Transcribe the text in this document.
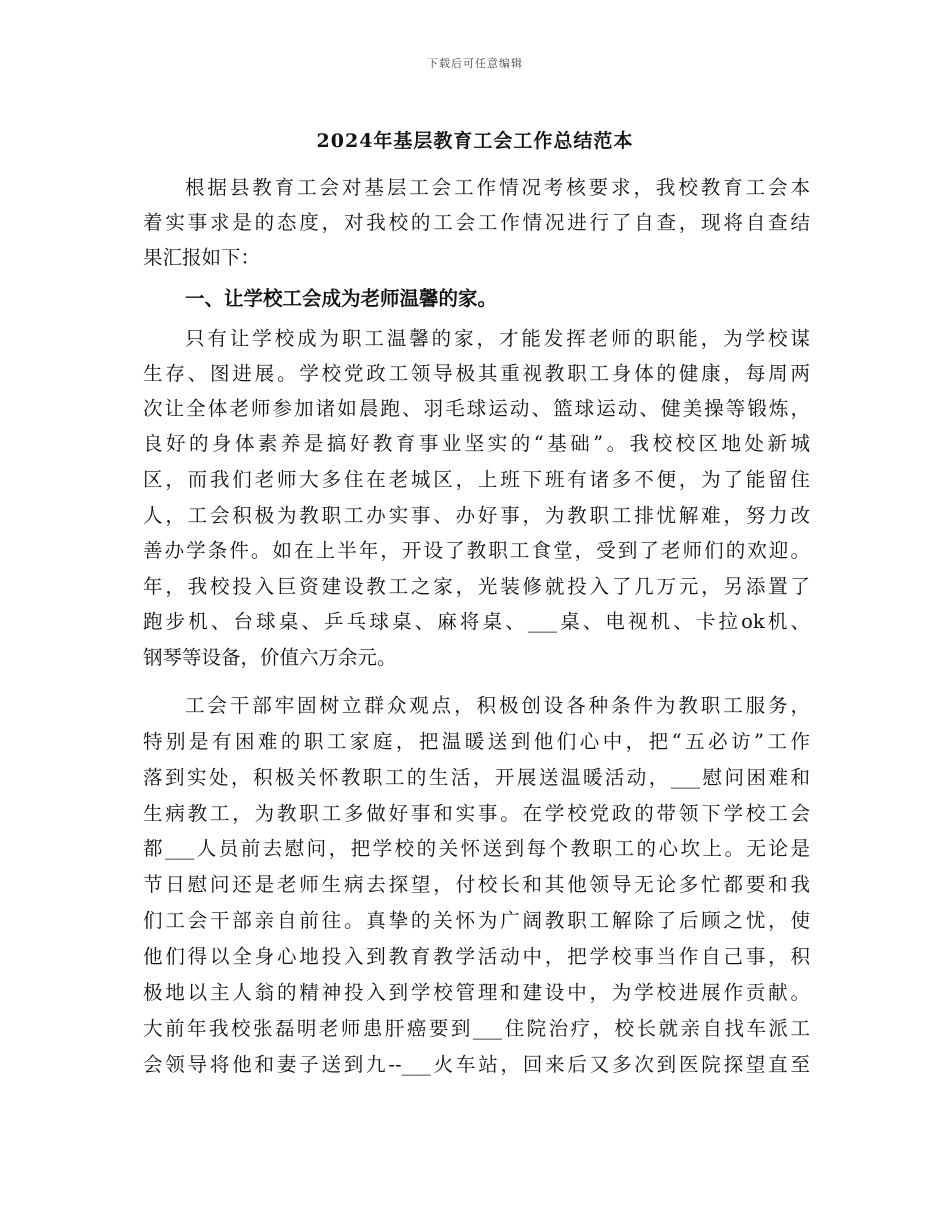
下载后可任意编辑
2024年基层教育工会工作总结范本
根据县教育工会对基层工会工作情况考核要求，我校教育工会本
着实事求是的态度，对我校的工会工作情况进行了自查，现将自查结
果汇报如下：
一、让学校工会成为老师温馨的家。
只有让学校成为职工温馨的家，才能发挥老师的职能，为学校谋
生存、图进展。学校党政工领导极其重视教职工身体的健康，每周两
次让全体老师参加诸如晨跑、羽毛球运动、篮球运动、健美操等锻炼，
良好的身体素养是搞好教育事业坚实的“基础”。我校校区地处新城
区，而我们老师大多住在老城区，上班下班有诸多不便，为了能留住
人，工会积极为教职工办实事、办好事，为教职工排忧解难，努力改
善办学条件。如在上半年，开设了教职工食堂，受到了老师们的欢迎。
年，我校投入巨资建设教工之家，光装修就投入了几万元，另添置了
跑步机、台球桌、乒乓球桌、麻将桌、___桌、电视机、卡拉ok机、
钢琴等设备，价值六万余元。
工会干部牢固树立群众观点，积极创设各种条件为教职工服务，
特别是有困难的职工家庭，把温暖送到他们心中，把“五必访”工作
落到实处，积极关怀教职工的生活，开展送温暖活动，___慰问困难和
生病教工，为教职工多做好事和实事。在学校党政的带领下学校工会
都___人员前去慰问，把学校的关怀送到每个教职工的心坎上。无论是
节日慰问还是老师生病去探望，付校长和其他领导无论多忙都要和我
们工会干部亲自前往。真挚的关怀为广阔教职工解除了后顾之忧，使
他们得以全身心地投入到教育教学活动中，把学校事当作自己事，积
极地以主人翁的精神投入到学校管理和建设中，为学校进展作贡献。
大前年我校张磊明老师患肝癌要到___住院治疗，校长就亲自找车派工
会领导将他和妻子送到九--___火车站，回来后又多次到医院探望直至
